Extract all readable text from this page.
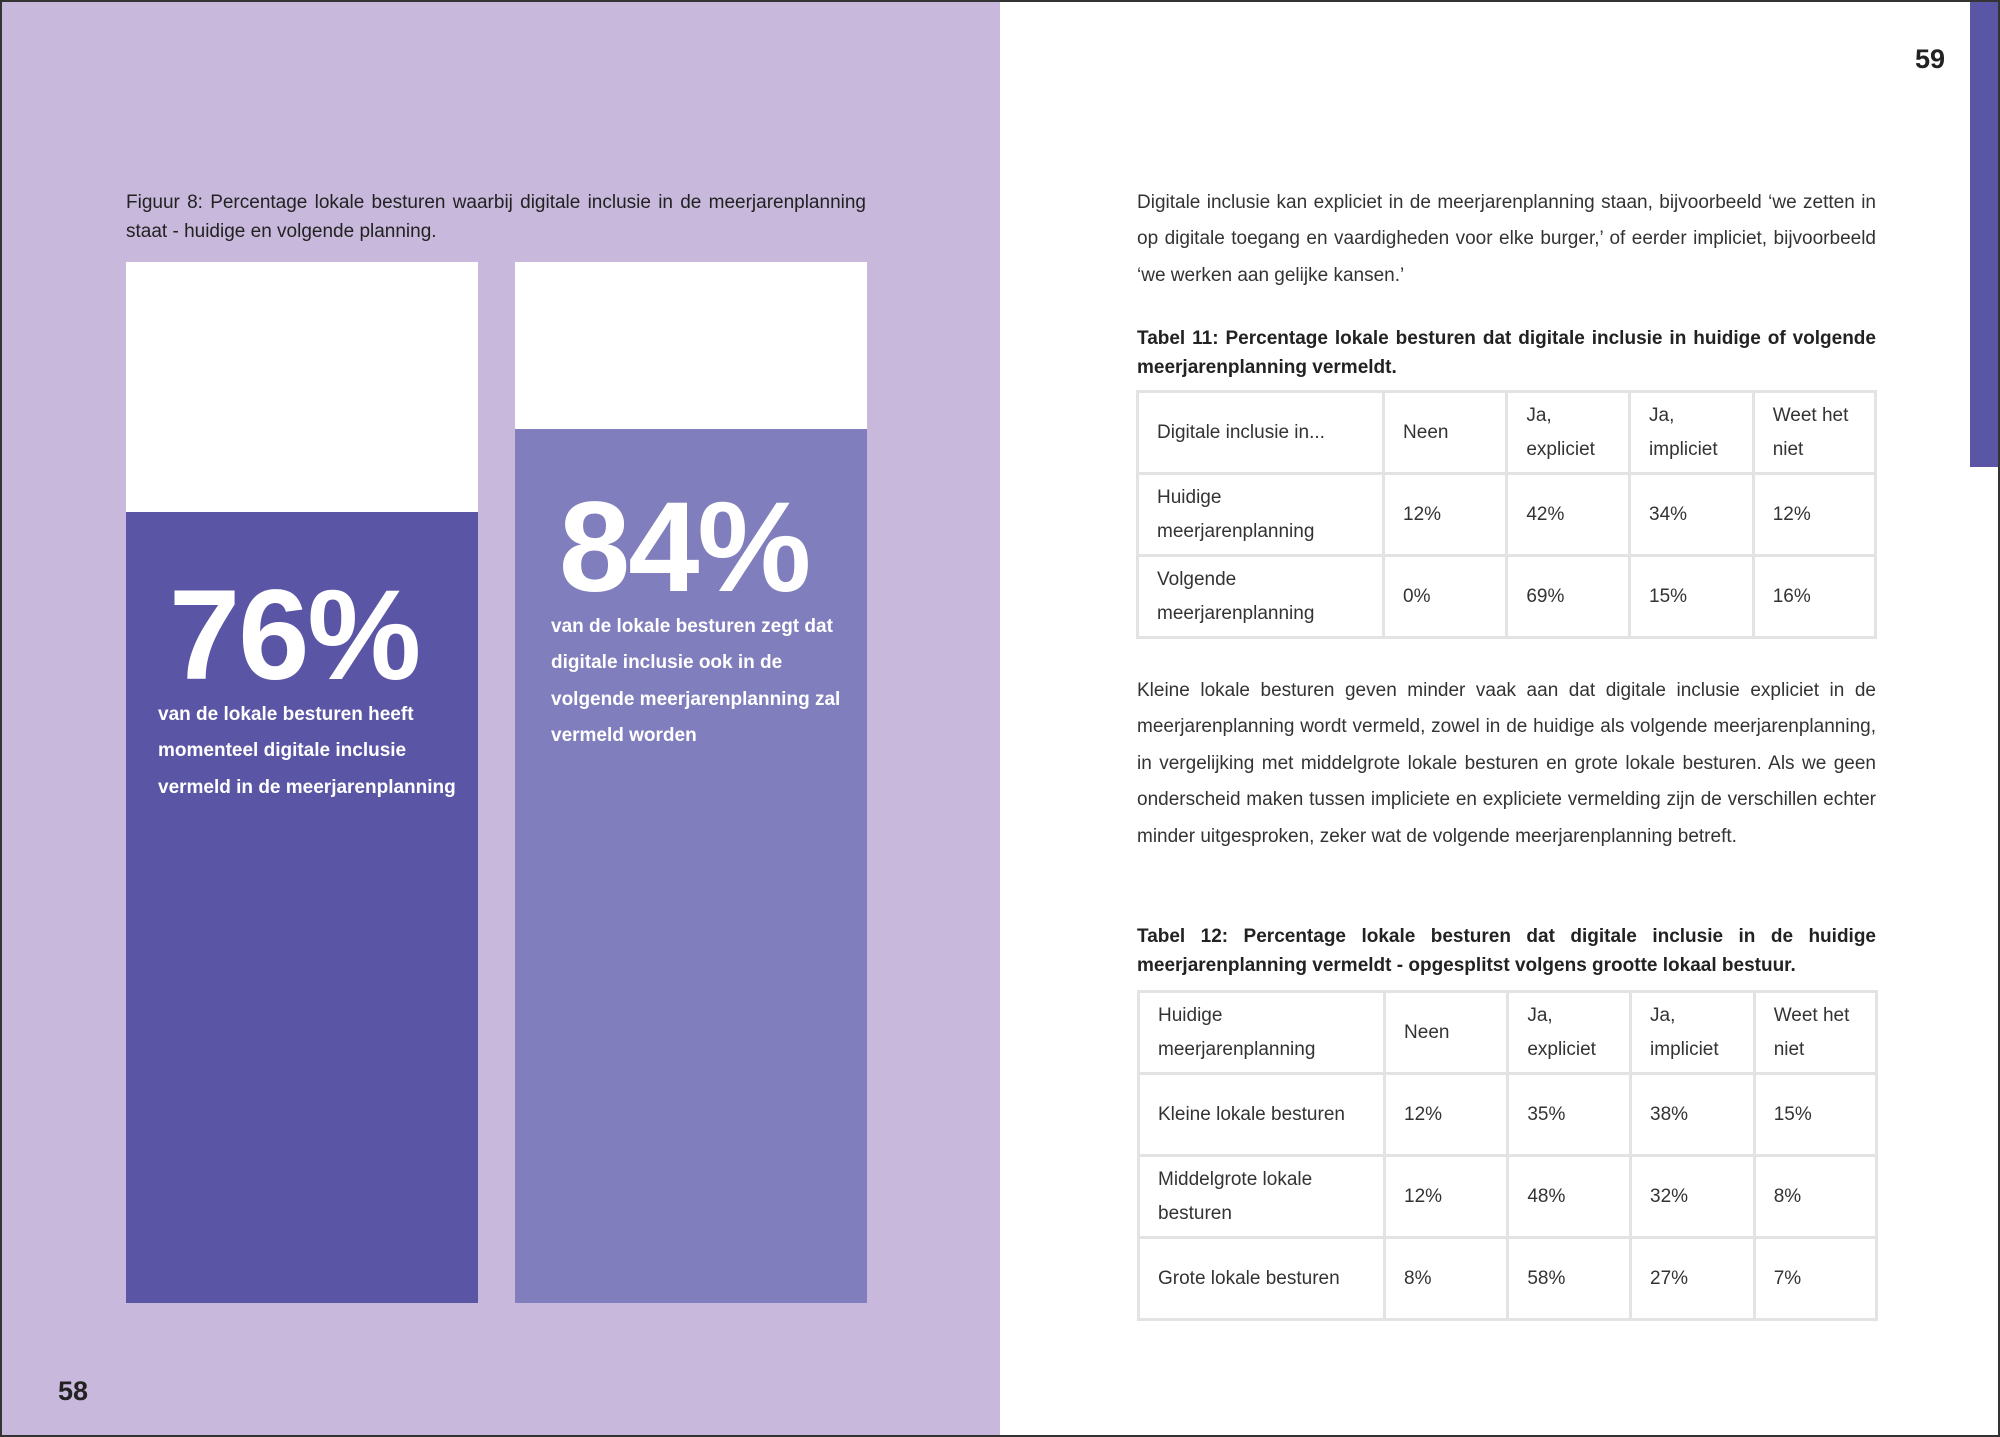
Figuur 8: Percentage lokale besturen waarbij digitale inclusie in de meerjarenplanning staat - huidige en volgende planning.

76%

van de lokale besturen heeft momenteel digitale inclusie vermeld in de meerjarenplanning

84%

van de lokale besturen zegt dat digitale inclusie ook in de volgende meerjarenplanning zal vermeld worden

58
59

Digitale inclusie kan expliciet in de meerjarenplanning staan, bijvoorbeeld ‘we zetten in op digitale toegang en vaardigheden voor elke burger,’ of eerder impliciet, bijvoorbeeld ‘we werken aan gelijke kansen.’

Tabel 11: Percentage lokale besturen dat digitale inclusie in huidige of volgende meerjarenplanning vermeldt.

Digitale inclusie in...	Neen	Ja, expliciet	Ja, impliciet	Weet het niet
Huidige meerjarenplanning	12%	42%	34%	12%
Volgende meerjarenplanning	0%	69%	15%	16%

Kleine lokale besturen geven minder vaak aan dat digitale inclusie expliciet in de meerjarenplanning wordt vermeld, zowel in de huidige als volgende meerjarenplanning, in vergelijking met middelgrote lokale besturen en grote lokale besturen. Als we geen onderscheid maken tussen impliciete en expliciete vermelding zijn de verschillen echter minder uitgesproken, zeker wat de volgende meerjarenplanning betreft.

Tabel 12: Percentage lokale besturen dat digitale inclusie in de huidige meerjarenplanning vermeldt - opgesplitst volgens grootte lokaal bestuur.

Huidige meerjarenplanning	Neen	Ja, expliciet	Ja, impliciet	Weet het niet
Kleine lokale besturen	12%	35%	38%	15%
Middelgrote lokale besturen	12%	48%	32%	8%
Grote lokale besturen	8%	58%	27%	7%
